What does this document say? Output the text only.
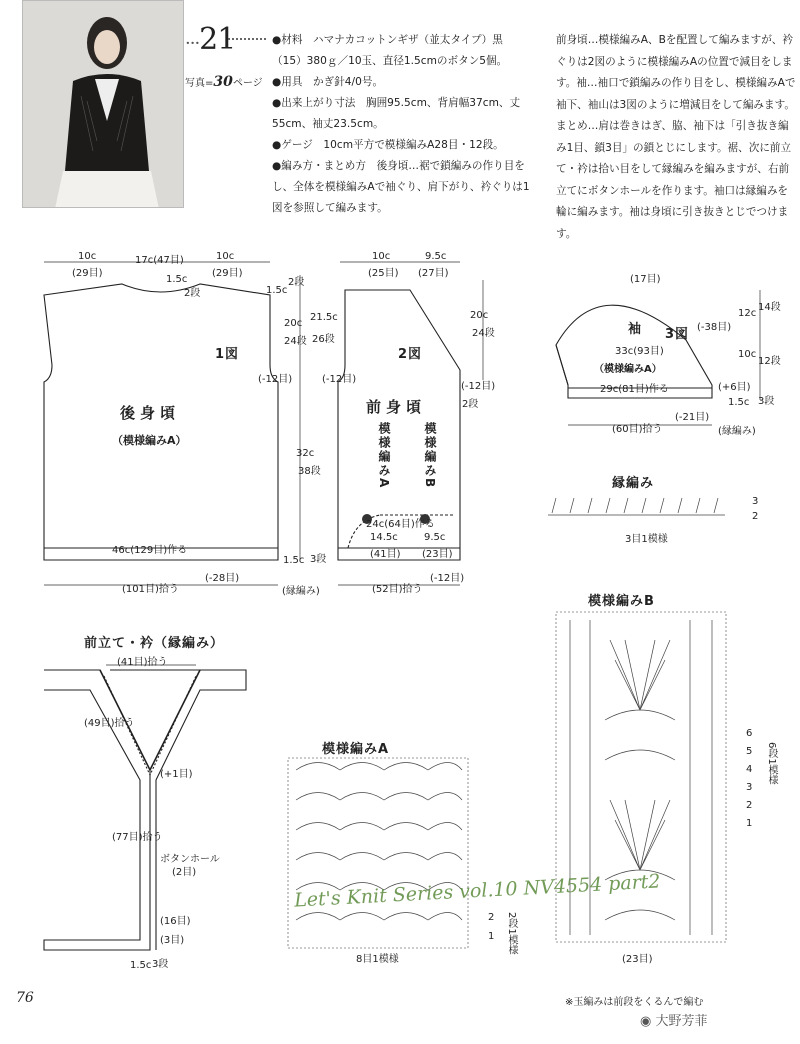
···21
写真=30ページ

●材料　ハマナカコットンギザ（並太タイプ）黒（15）380ｇ／10玉、直径1.5cmのボタン5個。

●用具　かぎ針4/0号。

●出来上がり寸法　胸囲95.5cm、背肩幅37cm、丈55cm、袖丈23.5cm。

●ゲージ　10cm平方で模様編みA28目・12段。

●編み方・まとめ方　後身頃…裾で鎖編みの作り目をし、全体を模様編みAで袖ぐり、肩下がり、衿ぐりは1図を参照して編みます。

前身頃…模様編みA、Bを配置して編みますが、衿ぐりは2図のように模様編みAの位置で減目をします。袖…袖口で鎖編みの作り目をし、模様編みAで袖下、袖山は3図のように増減目をして編みます。まとめ…肩は巻きはぎ、脇、袖下は「引き抜き編み1目、鎖3目」の鎖とじにします。裾、次に前立て・衿は拾い目をして縁編みを編みますが、右前立てにボタンホールを作ります。袖口は縁編みを輪に編みます。袖は身頃に引き抜きとじでつけます。
10c	17c(47目)	10c
(29目)	(29目)
1.5c
2段	1.5c
2段
20c
24段
21.5c
26段
(-12目)	(-12目)
1図
後身頃
（模様編みA）
32c
38段
1.5c 3段
46c(129目)作る
(-28目)
(101目)拾う	(縁編み)
10c	9.5c
(25目) (27目)
20c
24段
(-12目)
2段
2図
前身頃
模様編みA	模様編みB
24c(64目)作る
14.5c	9.5c
(41目) (23目)
(-12目)
(52目)拾う
(17目)
12c
14段
(-38目)
袖 3図
33c(93目)
（模様編みA）
29c(81目)作る
10c
12段
(+6目)
1.5c 3段
(-21目)
(60目)拾う	(縁編み)
縁編み
3
2
3目1模様
前立て・衿（縁編み）
(41目)拾う
(49目)拾う
(+1目)
(77目)拾う
ボタンホール
(2目)
(16目)
(3目)
1.5c 3段
模様編みA
2
1 2段1模様
8目1模様
模様編みB
6
5
4
3
2
1
6段1模様
(23目)
Let's Knit Series vol.10 NV4554 part2
76	※玉編みは前段をくるんで編む
◉ 大野芳菲
